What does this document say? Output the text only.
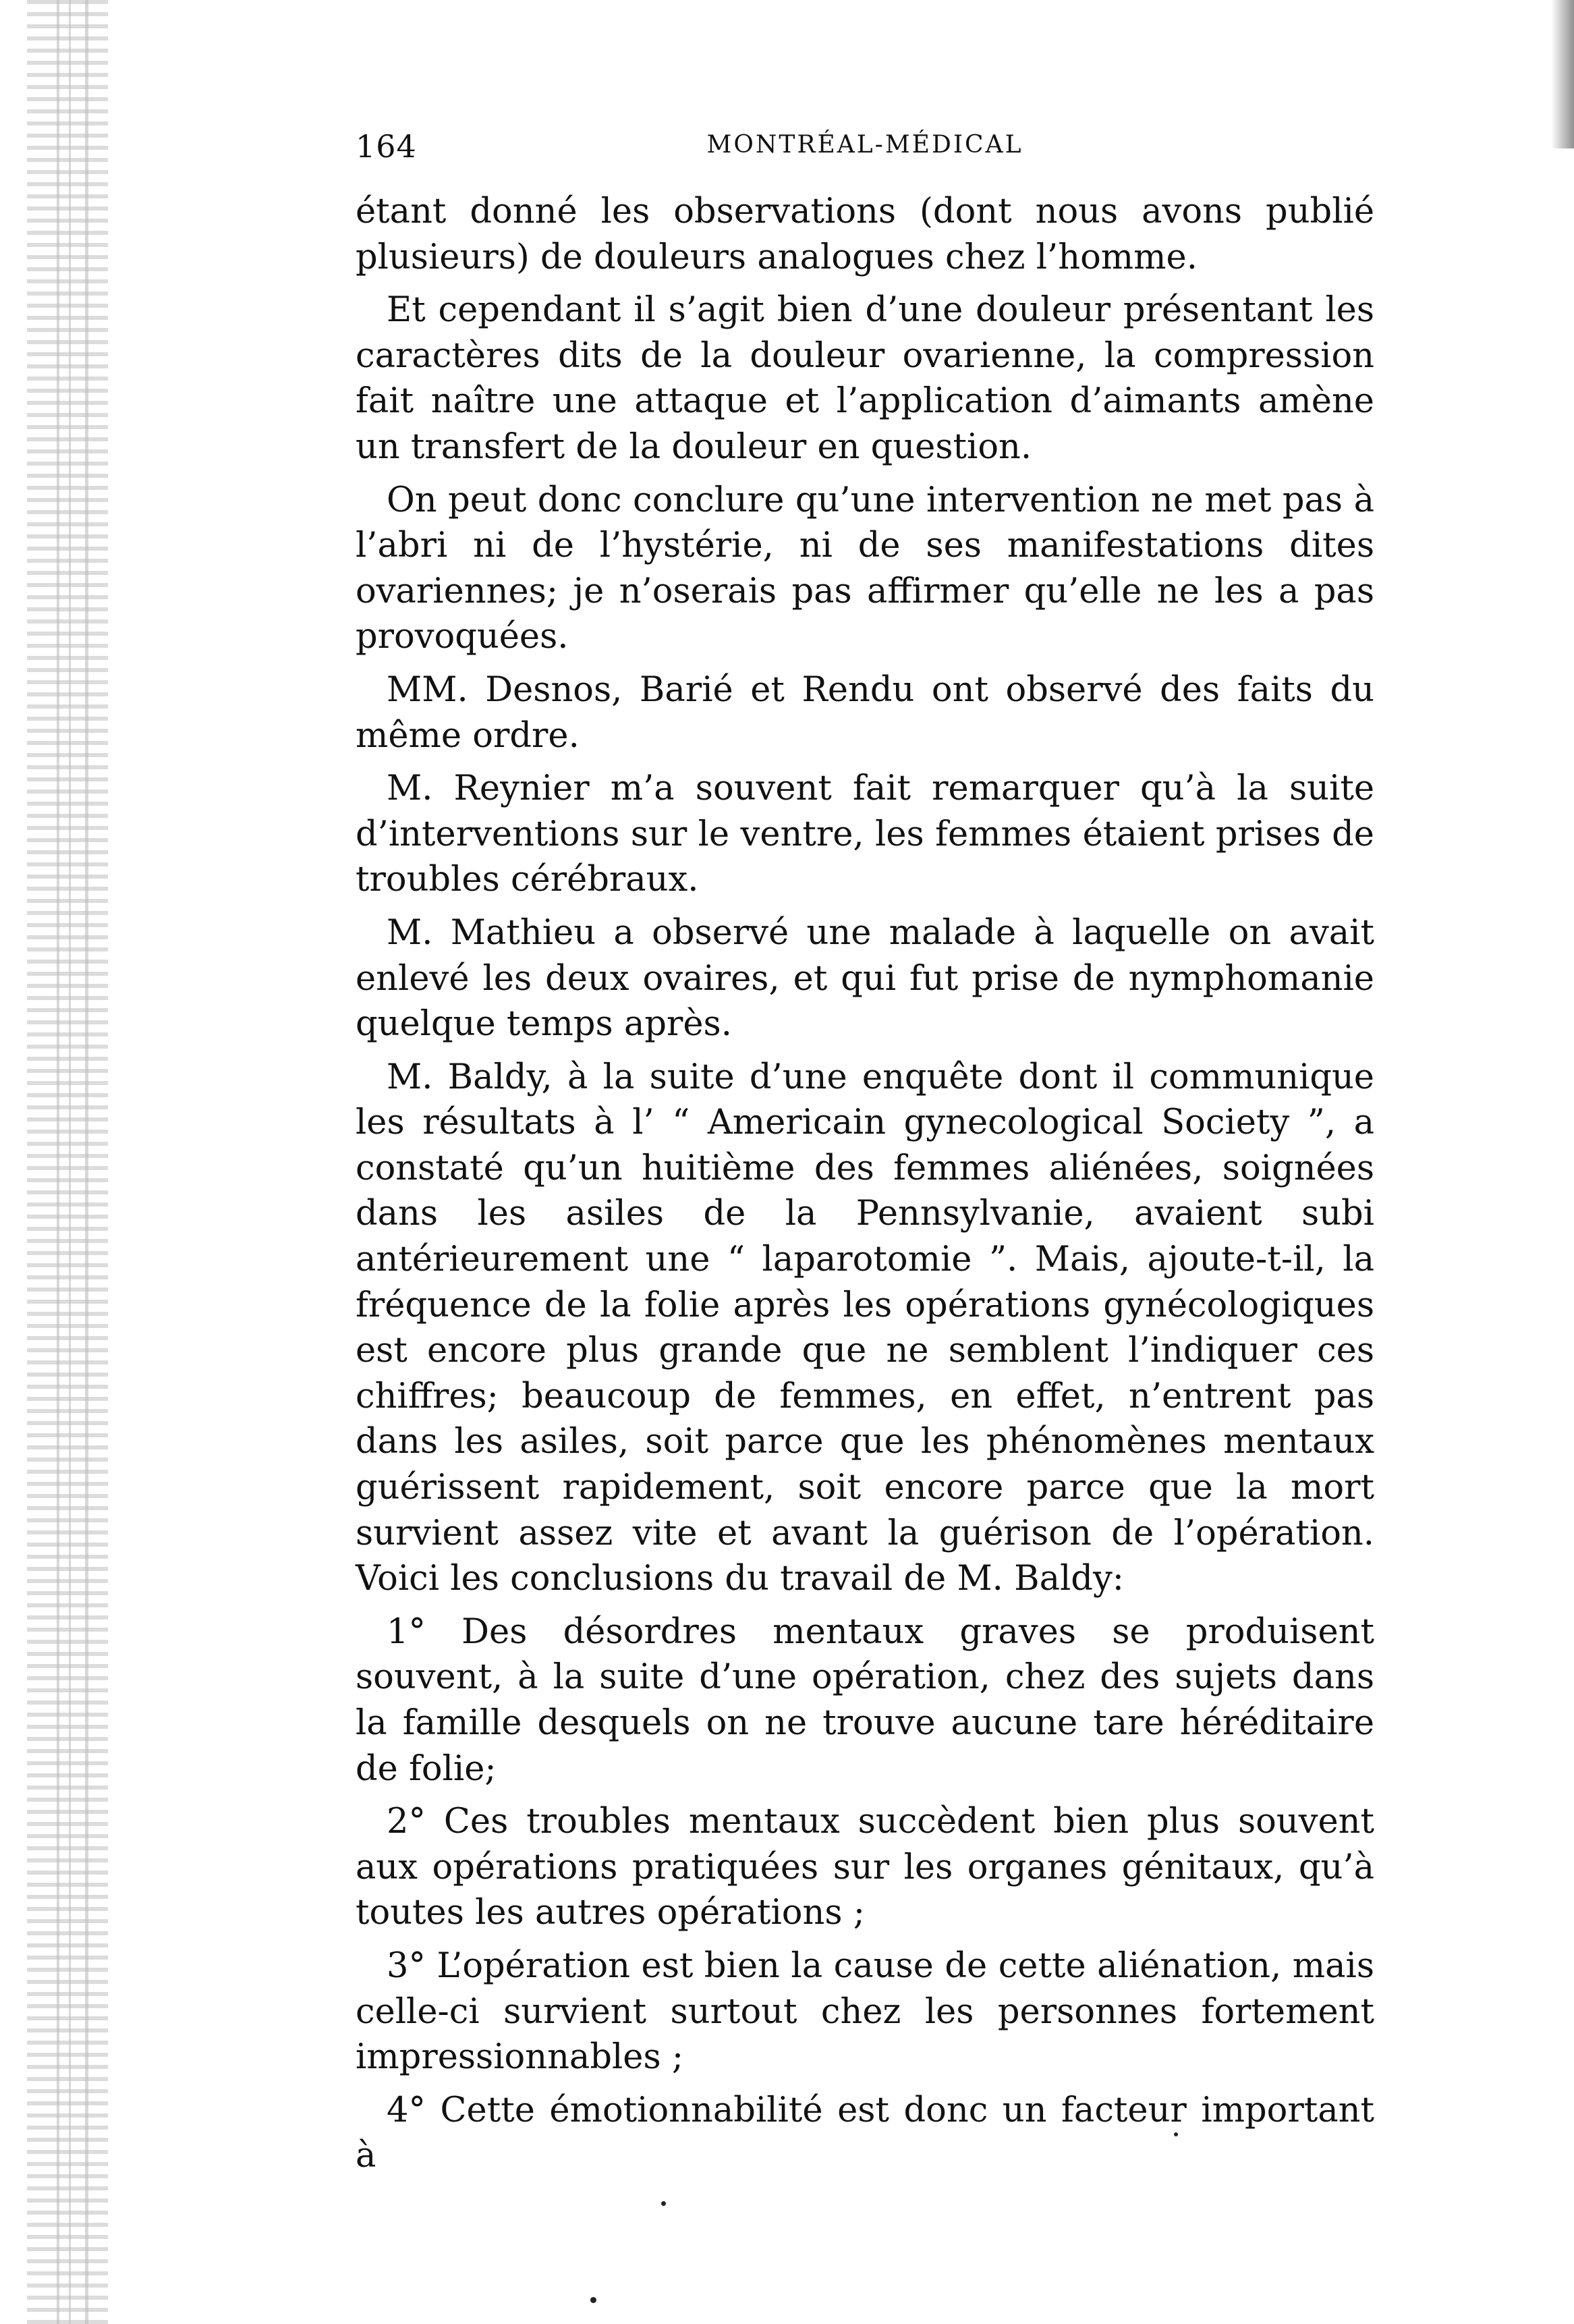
164	MONTRÉAL-MÉDICAL

étant donné les observations (dont nous avons publié plusieurs) de douleurs analogues chez l’homme.

Et cependant il s’agit bien d’une douleur présentant les caractères dits de la douleur ovarienne, la compression fait naître une attaque et l’application d’aimants amène un transfert de la douleur en question.

On peut donc conclure qu’une intervention ne met pas à l’abri ni de l’hystérie, ni de ses manifestations dites ovariennes; je n’oserais pas affirmer qu’elle ne les a pas provoquées.

MM. Desnos, Barié et Rendu ont observé des faits du même ordre.

M. Reynier m’a souvent fait remarquer qu’à la suite d’interventions sur le ventre, les femmes étaient prises de troubles cérébraux.

M. Mathieu a observé une malade à laquelle on avait enlevé les deux ovaires, et qui fut prise de nymphomanie quelque temps après.

M. Baldy, à la suite d’une enquête dont il communique les résultats à l’ “ Americain gynecological Society ”, a constaté qu’un huitième des femmes aliénées, soignées dans les asiles de la Pennsylvanie, avaient subi antérieurement une “ laparotomie ”. Mais, ajoute-t-il, la fréquence de la folie après les opérations gynécologiques est encore plus grande que ne semblent l’indiquer ces chiffres; beaucoup de femmes, en effet, n’entrent pas dans les asiles, soit parce que les phénomènes mentaux guérissent rapidement, soit encore parce que la mort survient assez vite et avant la guérison de l’opération. Voici les conclusions du travail de M. Baldy:

1° Des désordres mentaux graves se produisent souvent, à la suite d’une opération, chez des sujets dans la famille desquels on ne trouve aucune tare héréditaire de folie;

2° Ces troubles mentaux succèdent bien plus souvent aux opérations pratiquées sur les organes génitaux, qu’à toutes les autres opérations ;

3° L’opération est bien la cause de cette aliénation, mais celle-ci survient surtout chez les personnes fortement impressionnables ;

4° Cette émotionnabilité est donc un facteur important à
